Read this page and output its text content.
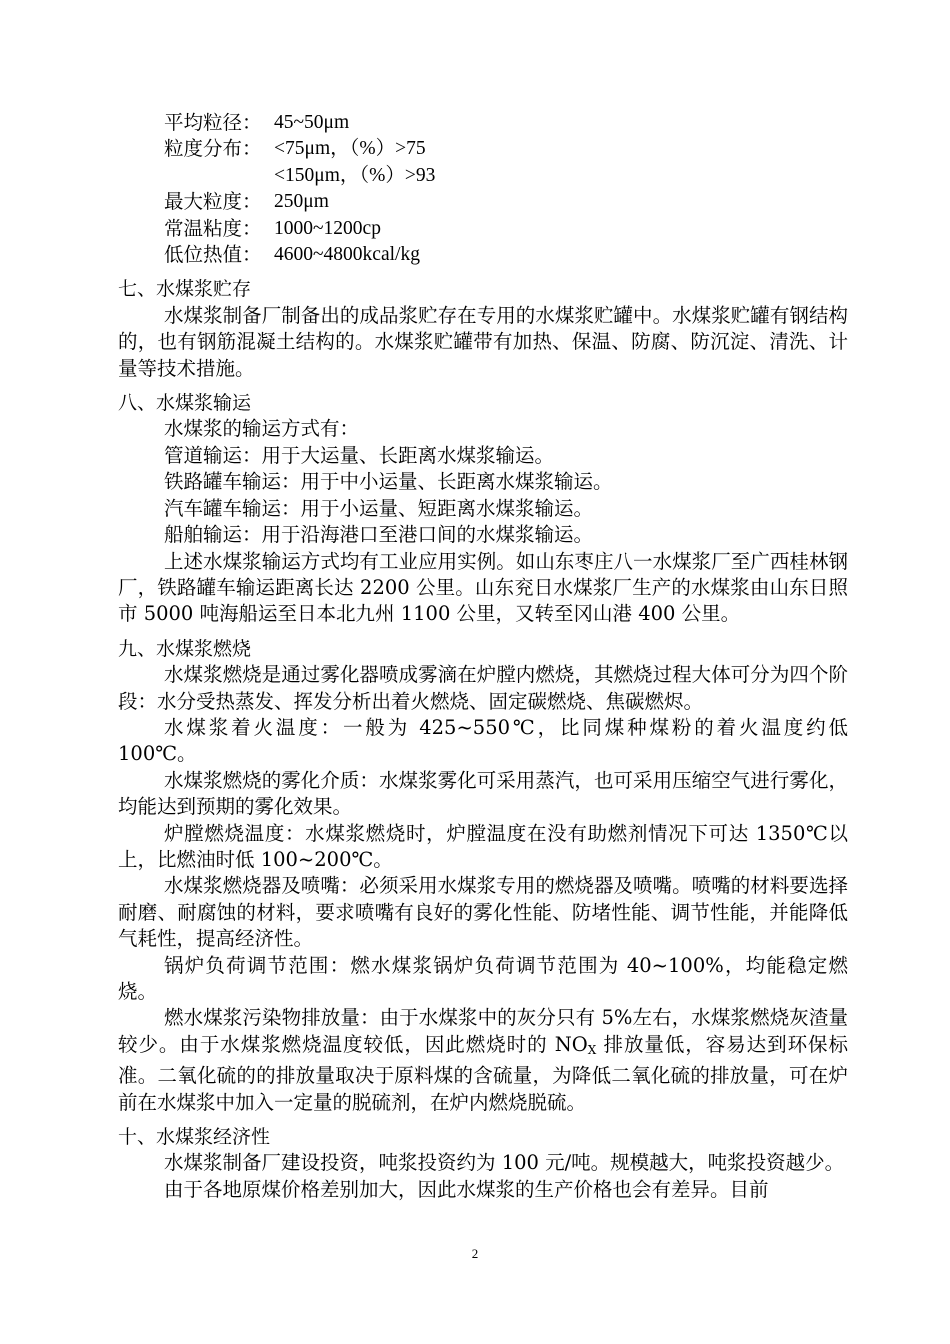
平均粒径： 45~50μm
粒度分布： <75μm，（%）>75
<150μm，（%）>93
最大粒度： 250μm
常温粘度： 1000~1200cp
低位热值： 4600~4800kcal/kg
七、水煤浆贮存
水煤浆制备厂制备出的成品浆贮存在专用的水煤浆贮罐中。水煤浆贮罐有钢结构的，也有钢筋混凝土结构的。水煤浆贮罐带有加热、保温、防腐、防沉淀、清洗、计量等技术措施。
八、水煤浆输运
水煤浆的输运方式有：
管道输运：用于大运量、长距离水煤浆输运。
铁路罐车输运：用于中小运量、长距离水煤浆输运。
汽车罐车输运：用于小运量、短距离水煤浆输运。
船舶输运：用于沿海港口至港口间的水煤浆输运。
上述水煤浆输运方式均有工业应用实例。如山东枣庄八一水煤浆厂至广西桂林钢厂，铁路罐车输运距离长达 2200 公里。山东兖日水煤浆厂生产的水煤浆由山东日照市 5000 吨海船运至日本北九州 1100 公里，又转至冈山港 400 公里。
九、水煤浆燃烧
水煤浆燃烧是通过雾化器喷成雾滴在炉膛内燃烧，其燃烧过程大体可分为四个阶段：水分受热蒸发、挥发分析出着火燃烧、固定碳燃烧、焦碳燃烬。
水煤浆着火温度：一般为 425~550℃，比同煤种煤粉的着火温度约低 100℃。
水煤浆燃烧的雾化介质：水煤浆雾化可采用蒸汽，也可采用压缩空气进行雾化，均能达到预期的雾化效果。
炉膛燃烧温度：水煤浆燃烧时，炉膛温度在没有助燃剂情况下可达 1350℃以上，比燃油时低 100~200℃。
水煤浆燃烧器及喷嘴：必须采用水煤浆专用的燃烧器及喷嘴。喷嘴的材料要选择耐磨、耐腐蚀的材料，要求喷嘴有良好的雾化性能、防堵性能、调节性能，并能降低气耗性，提高经济性。
锅炉负荷调节范围：燃水煤浆锅炉负荷调节范围为 40~100%，均能稳定燃烧。
燃水煤浆污染物排放量：由于水煤浆中的灰分只有 5%左右，水煤浆燃烧灰渣量较少。由于水煤浆燃烧温度较低，因此燃烧时的 $NO_X$ 排放量低，容易达到环保标准。二氧化硫的的排放量取决于原料煤的含硫量，为降低二氧化硫的排放量，可在炉前在水煤浆中加入一定量的脱硫剂，在炉内燃烧脱硫。
十、水煤浆经济性
水煤浆制备厂建设投资，吨浆投资约为 100 元/吨。规模越大，吨浆投资越少。
由于各地原煤价格差别加大，因此水煤浆的生产价格也会有差异。目前
2
